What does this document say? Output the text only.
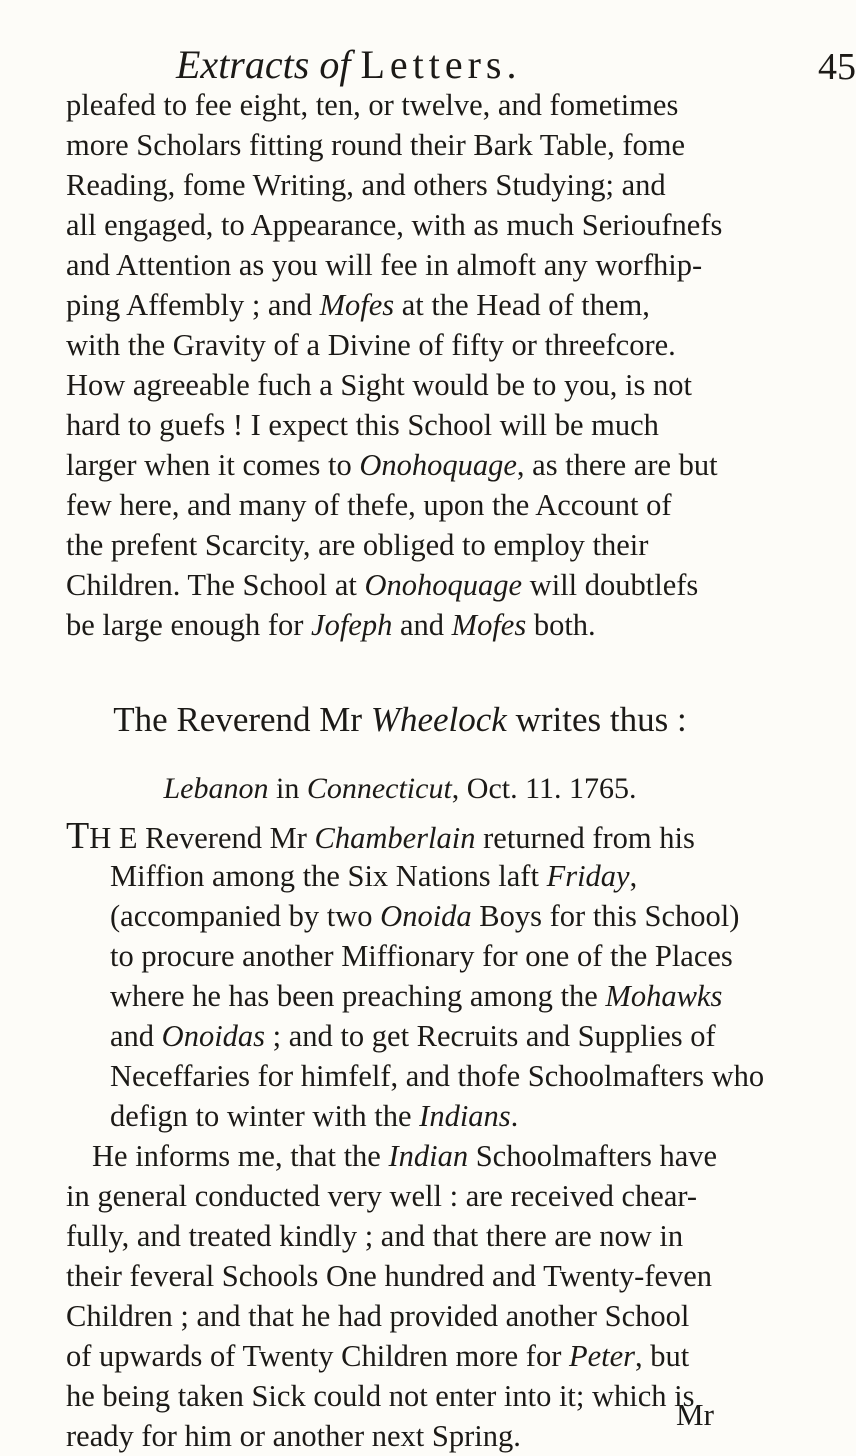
Extracts of Letters.	45
pleafed to fee eight, ten, or twelve, and fometimes
more Scholars fitting round their Bark Table, fome
Reading, fome Writing, and others Studying; and
all engaged, to Appearance, with as much Serioufnefs
and Attention as you will fee in almoft any worfhip-
ping Affembly ; and Mofes at the Head of them,
with the Gravity of a Divine of fifty or threefcore.
How agreeable fuch a Sight would be to you, is not
hard to guefs ! I expect this School will be much
larger when it comes to Onohoquage, as there are but
few here, and many of thefe, upon the Account of
the prefent Scarcity, are obliged to employ their
Children. The School at Onohoquage will doubtlefs
be large enough for Jofeph and Mofes both.
The Reverend Mr Wheelock writes thus :
Lebanon in Connecticut, Oct. 11. 1765.
TH E Reverend Mr Chamberlain returned from his
Miffion among the Six Nations laft Friday,
(accompanied by two Onoida Boys for this School)
to procure another Miffionary for one of the Places
where he has been preaching among the Mohawks
and Onoidas ; and to get Recruits and Supplies of
Neceffaries for himfelf, and thofe Schoolmafters who
defign to winter with the Indians.
He informs me, that the Indian Schoolmafters have
in general conducted very well : are received chear-
fully, and treated kindly ; and that there are now in
their feveral Schools One hundred and Twenty-feven
Children ; and that he had provided another School
of upwards of Twenty Children more for Peter, but
he being taken Sick could not enter into it; which is
ready for him or another next Spring.
Mr
